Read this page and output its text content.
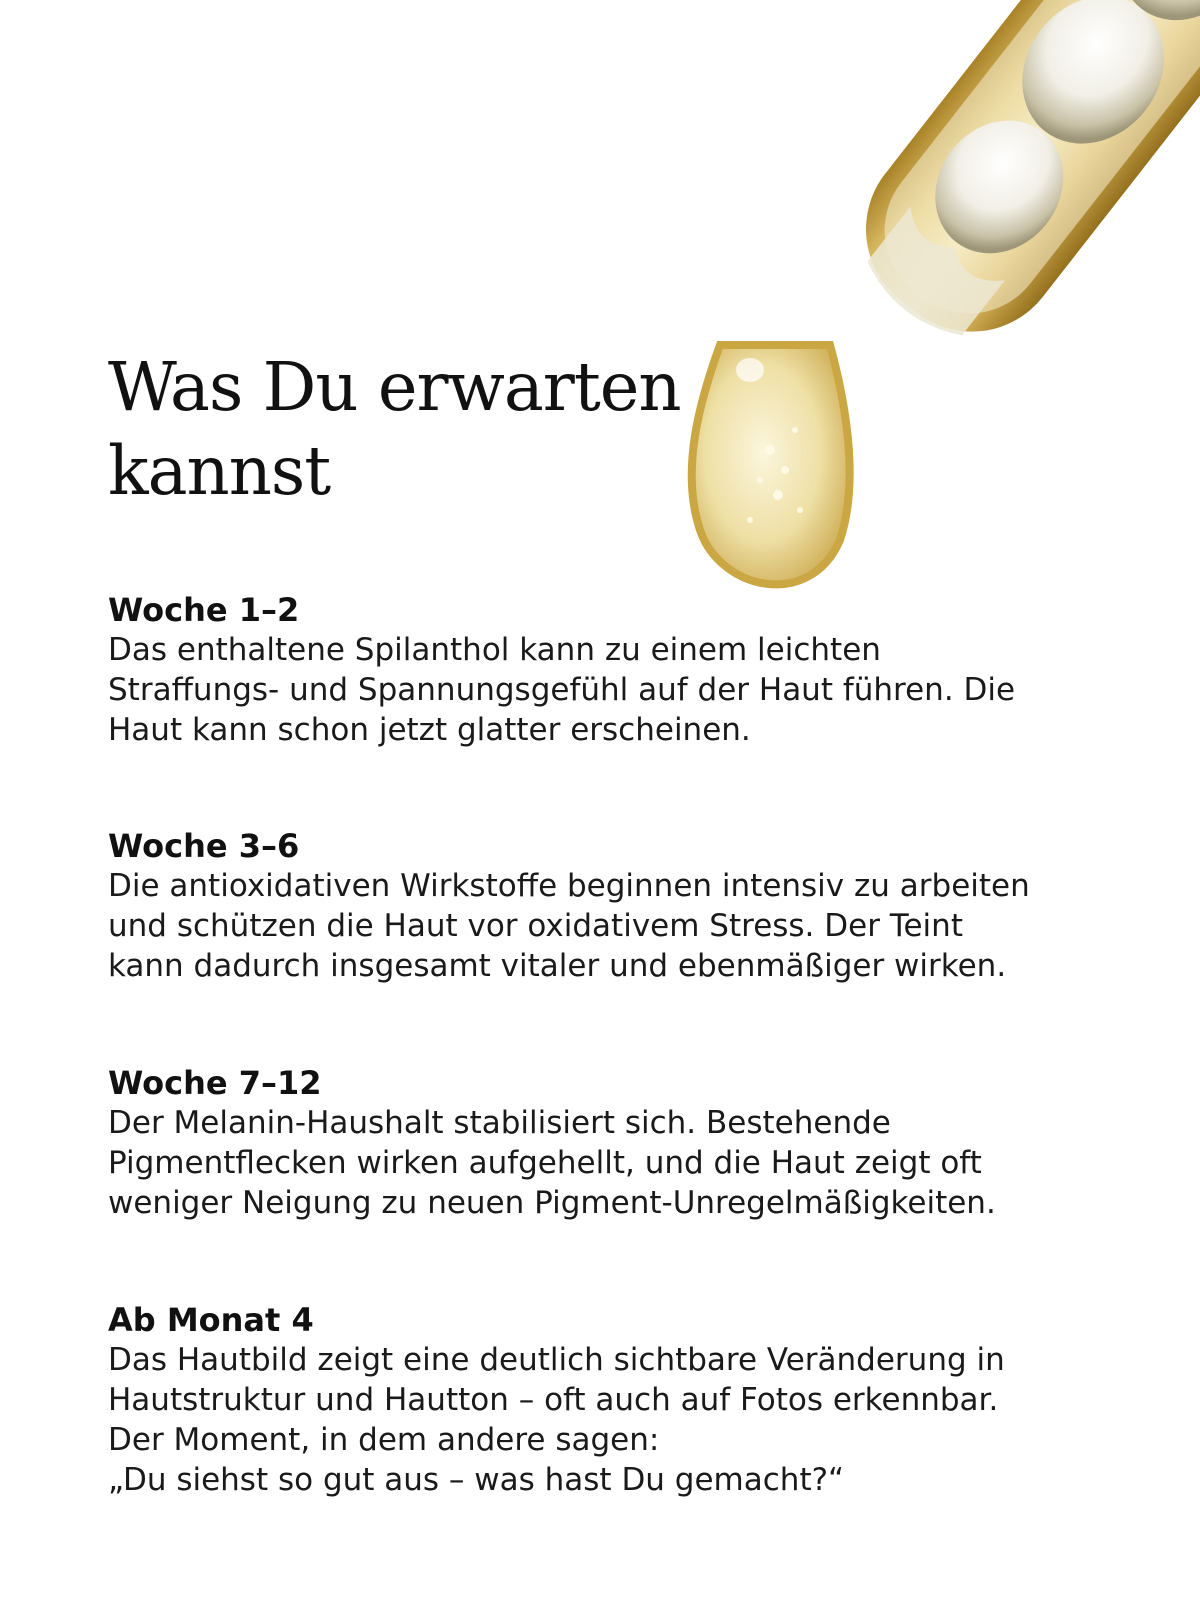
Was Du erwarten
kannst
Woche 1–2
Das enthaltene Spilanthol kann zu einem leichten
Straffungs- und Spannungsgefühl auf der Haut führen. Die
Haut kann schon jetzt glatter erscheinen.
Woche 3–6
Die antioxidativen Wirkstoffe beginnen intensiv zu arbeiten
und schützen die Haut vor oxidativem Stress. Der Teint
kann dadurch insgesamt vitaler und ebenmäßiger wirken.
Woche 7–12
Der Melanin-Haushalt stabilisiert sich. Bestehende
Pigmentflecken wirken aufgehellt, und die Haut zeigt oft
weniger Neigung zu neuen Pigment-Unregelmäßigkeiten.
Ab Monat 4
Das Hautbild zeigt eine deutlich sichtbare Veränderung in
Hautstruktur und Hautton – oft auch auf Fotos erkennbar.
Der Moment, in dem andere sagen:
„Du siehst so gut aus – was hast Du gemacht?“
